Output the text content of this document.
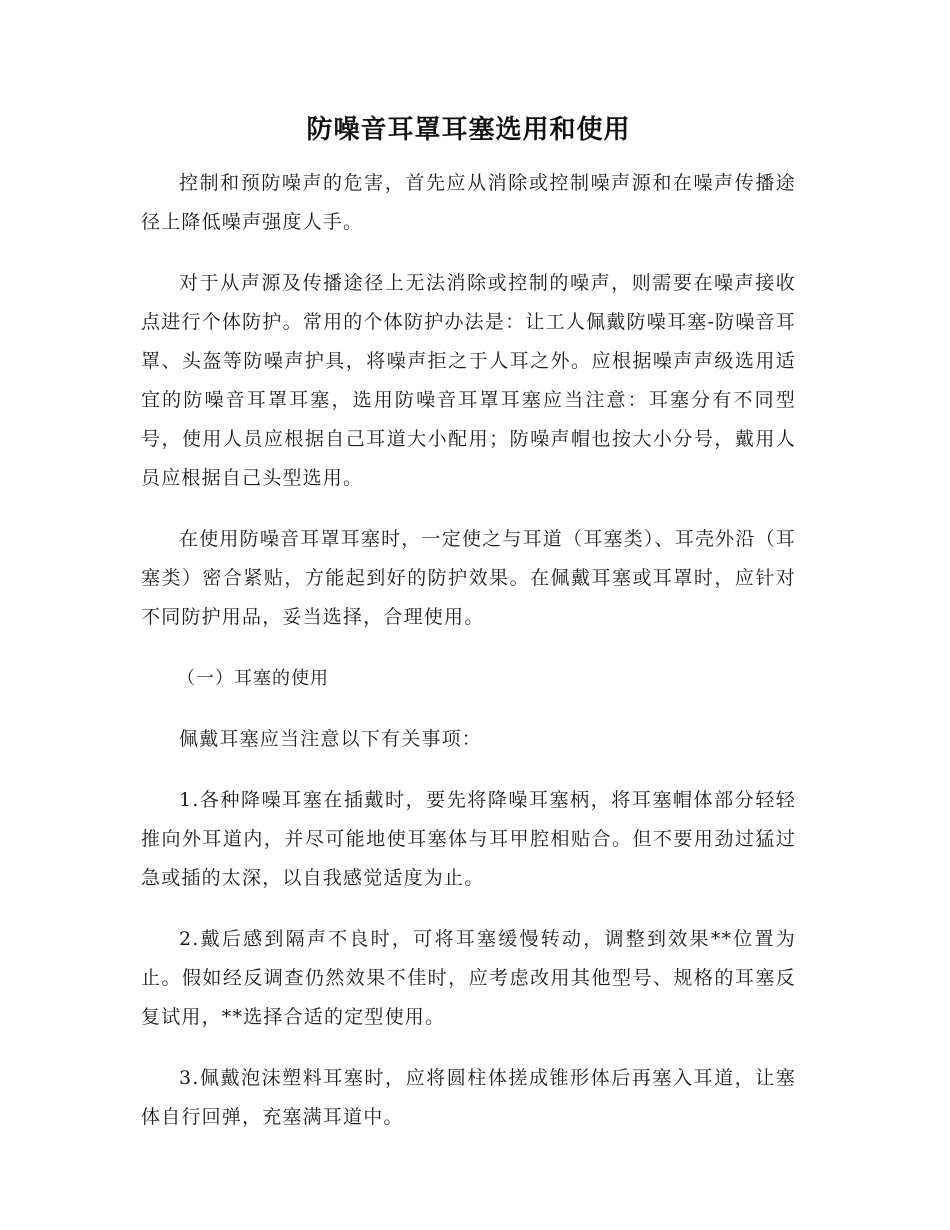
防噪音耳罩耳塞选用和使用

控制和预防噪声的危害，首先应从消除或控制噪声源和在噪声传播途径上降低噪声强度人手。

对于从声源及传播途径上无法消除或控制的噪声，则需要在噪声接收点进行个体防护。常用的个体防护办法是：让工人佩戴防噪耳塞-防噪音耳罩、头盔等防噪声护具，将噪声拒之于人耳之外。应根据噪声声级选用适宜的防噪音耳罩耳塞，选用防噪音耳罩耳塞应当注意：耳塞分有不同型号，使用人员应根据自己耳道大小配用；防噪声帽也按大小分号，戴用人员应根据自己头型选用。

在使用防噪音耳罩耳塞时，一定使之与耳道（耳塞类）、耳壳外沿（耳塞类）密合紧贴，方能起到好的防护效果。在佩戴耳塞或耳罩时，应针对不同防护用品，妥当选择，合理使用。

（一）耳塞的使用

佩戴耳塞应当注意以下有关事项：

1.各种降噪耳塞在插戴时，要先将降噪耳塞柄，将耳塞帽体部分轻轻推向外耳道内，并尽可能地使耳塞体与耳甲腔相贴合。但不要用劲过猛过急或插的太深，以自我感觉适度为止。

2.戴后感到隔声不良时，可将耳塞缓慢转动，调整到效果**位置为止。假如经反调查仍然效果不佳时，应考虑改用其他型号、规格的耳塞反复试用，**选择合适的定型使用。

3.佩戴泡沫塑料耳塞时，应将圆柱体搓成锥形体后再塞入耳道，让塞体自行回弹，充塞满耳道中。
